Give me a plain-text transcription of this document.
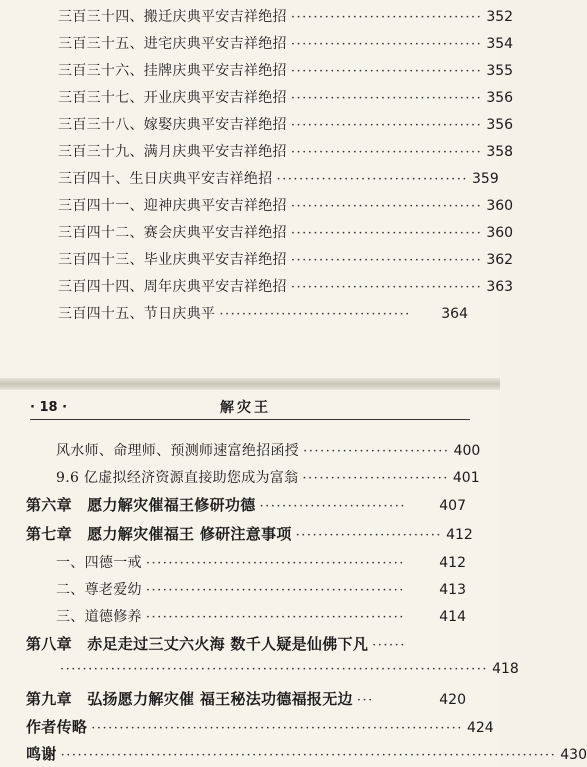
三百三十四、搬迁庆典平安吉祥绝招 ·································· 352
三百三十五、进宅庆典平安吉祥绝招 ·································· 354
三百三十六、挂牌庆典平安吉祥绝招 ·································· 355
三百三十七、开业庆典平安吉祥绝招 ·································· 356
三百三十八、嫁娶庆典平安吉祥绝招 ·································· 356
三百三十九、满月庆典平安吉祥绝招 ·································· 358
三百四十、生日庆典平安吉祥绝招 ·································· 359
三百四十一、迎神庆典平安吉祥绝招 ·································· 360
三百四十二、赛会庆典平安吉祥绝招 ·································· 360
三百四十三、毕业庆典平安吉祥绝招 ·································· 362
三百四十四、周年庆典平安吉祥绝招 ·································· 363
三百四十五、节日庆典平 ··································	364
· 18 ·	解灾王
风水师、命理师、预测师速富绝招函授 ·························· 400
9.6 亿虚拟经济资源直接助您成为富翁 ·························· 401
第六章　愿力解灾催福王修研功德 ··························	407
第七章　愿力解灾催福王 修研注意事项 ·························· 412
一、四德一戒 ··············································	412
二、尊老爱幼 ··············································	413
三、道德修养 ··············································	414
第八章　赤足走过三丈六火海 数千人疑是仙佛下凡 ······
············································································ 418
第九章　弘扬愿力解灾催 福王秘法功德福报无边 ···	420
作者传略 ·································································· 424
鸣谢 ························································································ 430
